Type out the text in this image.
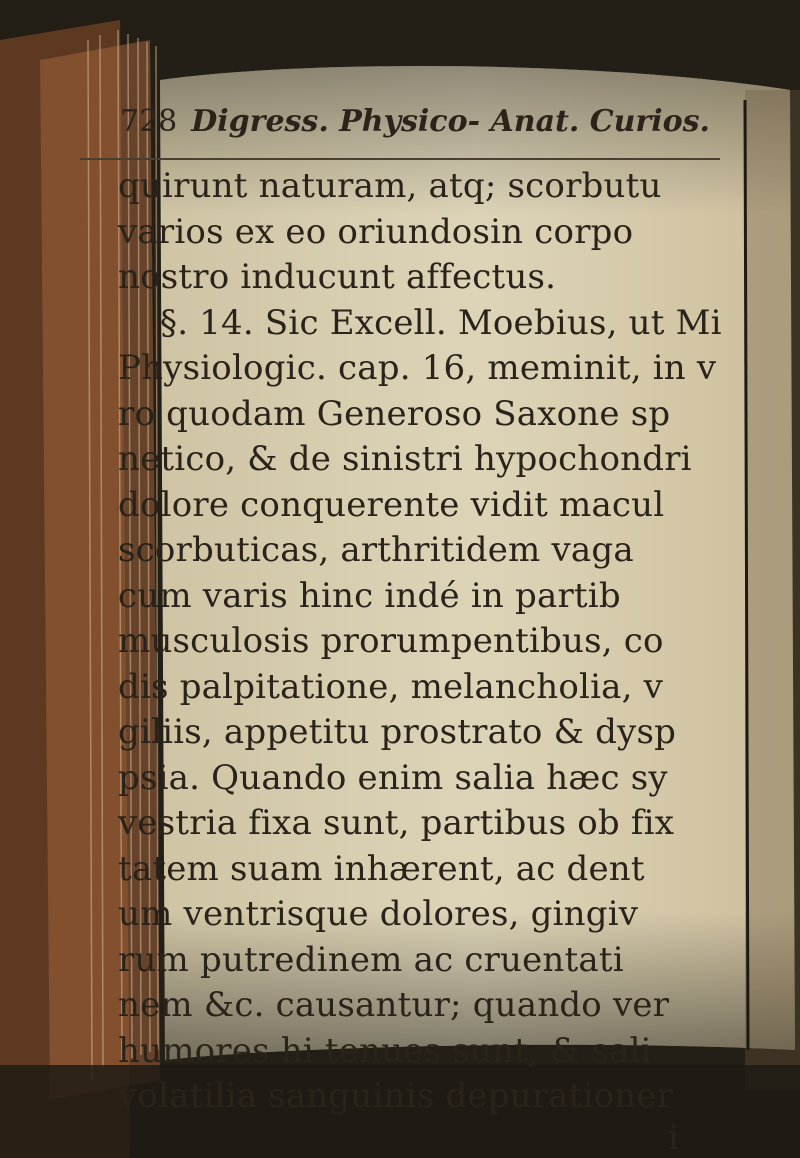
728 Digress. Physico- Anat. Curios.

quirunt naturam, atq; scorbutu

varios ex eo oriundosin corpo

nostro inducunt affectus.

§. 14. Sic Excell. Moebius, ut Mi

Physiologic. cap. 16, meminit, in v

ro quodam Generoso Saxone sp

netico, & de sinistri hypochondri

dolore conquerente vidit macul

scorbuticas, arthritidem vaga

cum varis hinc indé in partib

musculosis prorumpentibus, co

dis palpitatione, melancholia, v

giliis, appetitu prostrato & dysp

psia. Quando enim salia hæc sy

vestria fixa sunt, partibus ob fix

tatem suam inhærent, ac dent

um ventrisque dolores, gingiv

rum putredinem ac cruentati

nem &c. causantur; quando ver

humores hi tenues sunt, & sali

volatilia sanguinis depurationer

i
